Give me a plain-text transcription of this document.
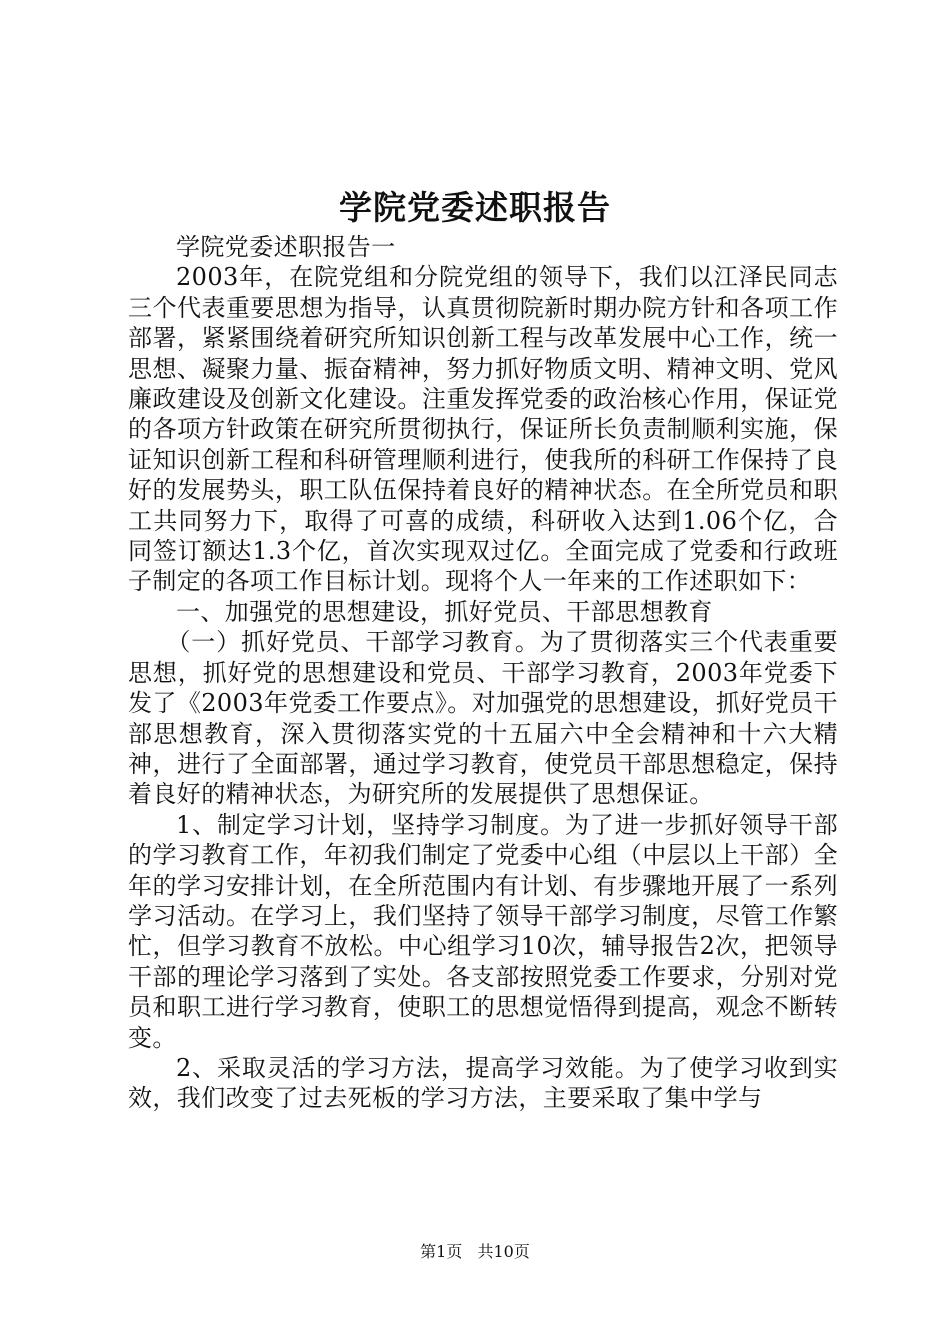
学院党委述职报告

学院党委述职报告一

2003年，在院党组和分院党组的领导下，我们以江泽民同志三个代表重要思想为指导，认真贯彻院新时期办院方针和各项工作部署，紧紧围绕着研究所知识创新工程与改革发展中心工作，统一思想、凝聚力量、振奋精神，努力抓好物质文明、精神文明、党风廉政建设及创新文化建设。注重发挥党委的政治核心作用，保证党的各项方针政策在研究所贯彻执行，保证所长负责制顺利实施，保证知识创新工程和科研管理顺利进行，使我所的科研工作保持了良好的发展势头，职工队伍保持着良好的精神状态。在全所党员和职工共同努力下，取得了可喜的成绩，科研收入达到1.06个亿，合同签订额达1.3个亿，首次实现双过亿。全面完成了党委和行政班子制定的各项工作目标计划。现将个人一年来的工作述职如下：

一、加强党的思想建设，抓好党员、干部思想教育

（一）抓好党员、干部学习教育。为了贯彻落实三个代表重要思想，抓好党的思想建设和党员、干部学习教育，2003年党委下发了《2003年党委工作要点》。对加强党的思想建设，抓好党员干部思想教育，深入贯彻落实党的十五届六中全会精神和十六大精神，进行了全面部署，通过学习教育，使党员干部思想稳定，保持着良好的精神状态，为研究所的发展提供了思想保证。

1、制定学习计划，坚持学习制度。为了进一步抓好领导干部的学习教育工作，年初我们制定了党委中心组（中层以上干部）全年的学习安排计划，在全所范围内有计划、有步骤地开展了一系列学习活动。在学习上，我们坚持了领导干部学习制度，尽管工作繁忙，但学习教育不放松。中心组学习10次，辅导报告2次，把领导干部的理论学习落到了实处。各支部按照党委工作要求，分别对党员和职工进行学习教育，使职工的思想觉悟得到提高，观念不断转变。

2、采取灵活的学习方法，提高学习效能。为了使学习收到实效，我们改变了过去死板的学习方法，主要采取了集中学与

第1页 共10页
